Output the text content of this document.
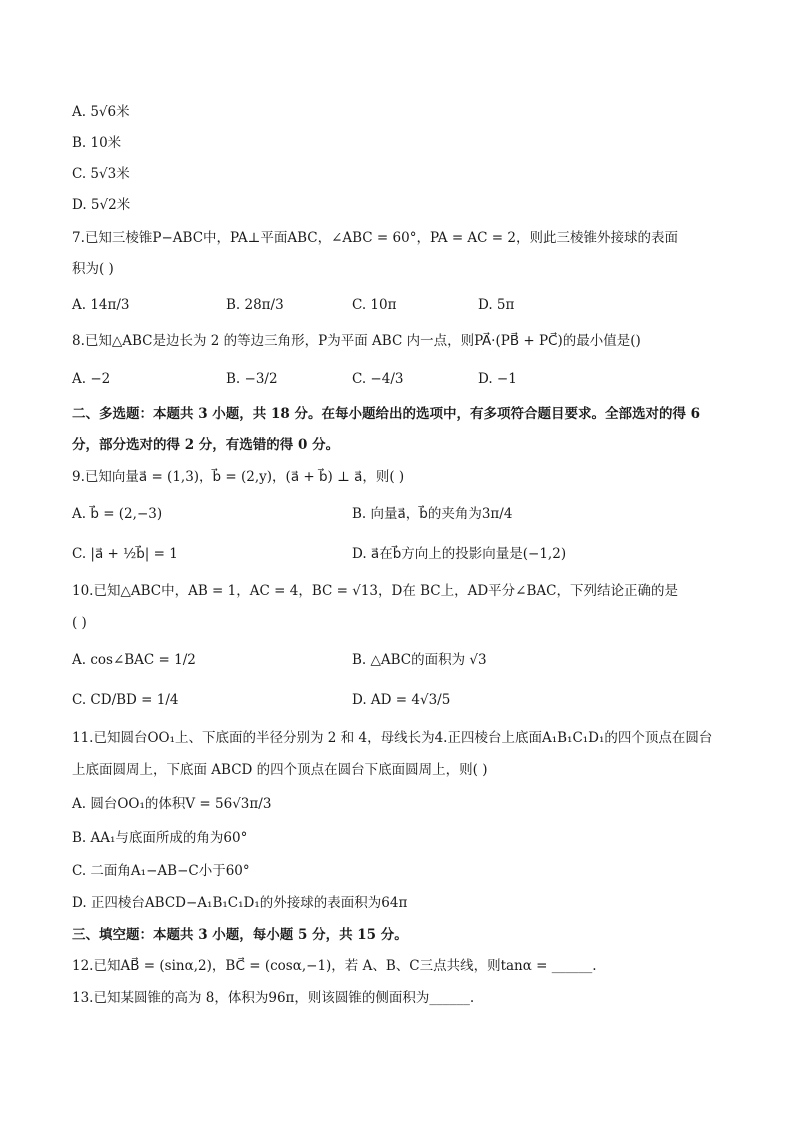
A. 5√6米
B. 10米
C. 5√3米
D. 5√2米
7.已知三棱锥P−ABC中，PA⊥平面ABC，∠ABC = 60°，PA = AC = 2，则此三棱锥外接球的表面
积为( )
A. 14π/3	B. 28π/3	C. 10π	D. 5π
8.已知△ABC是边长为 2 的等边三角形，P为平面 ABC 内一点，则PA⃗·(PB⃗ + PC⃗)的最小值是()
A. −2	B. −3/2	C. −4/3	D. −1
二、多选题：本题共 3 小题，共 18 分。在每小题给出的选项中，有多项符合题目要求。全部选对的得 6
分，部分选对的得 2 分，有选错的得 0 分。
9.已知向量a⃗ = (1,3)，b⃗ = (2,y)，(a⃗ + b⃗) ⊥ a⃗，则( )
A. b⃗ = (2,−3)	B. 向量a⃗，b⃗的夹角为3π/4
C. |a⃗ + ½b⃗| = 1	D. a⃗在b⃗方向上的投影向量是(−1,2)
10.已知△ABC中，AB = 1，AC = 4，BC = √13，D在 BC上，AD平分∠BAC，下列结论正确的是
( )
A. cos∠BAC = 1/2	B. △ABC的面积为 √3
C. CD/BD = 1/4	D. AD = 4√3/5
11.已知圆台OO₁上、下底面的半径分别为 2 和 4，母线长为4.正四棱台上底面A₁B₁C₁D₁的四个顶点在圆台
上底面圆周上，下底面 ABCD 的四个顶点在圆台下底面圆周上，则( )
A. 圆台OO₁的体积V = 56√3π/3
B. AA₁与底面所成的角为60°
C. 二面角A₁−AB−C小于60°
D. 正四棱台ABCD−A₁B₁C₁D₁的外接球的表面积为64π
三、填空题：本题共 3 小题，每小题 5 分，共 15 分。
12.已知AB⃗ = (sinα,2)，BC⃗ = (cosα,−1)，若 A、B、C三点共线，则tanα = ______.
13.已知某圆锥的高为 8，体积为96π，则该圆锥的侧面积为______.
